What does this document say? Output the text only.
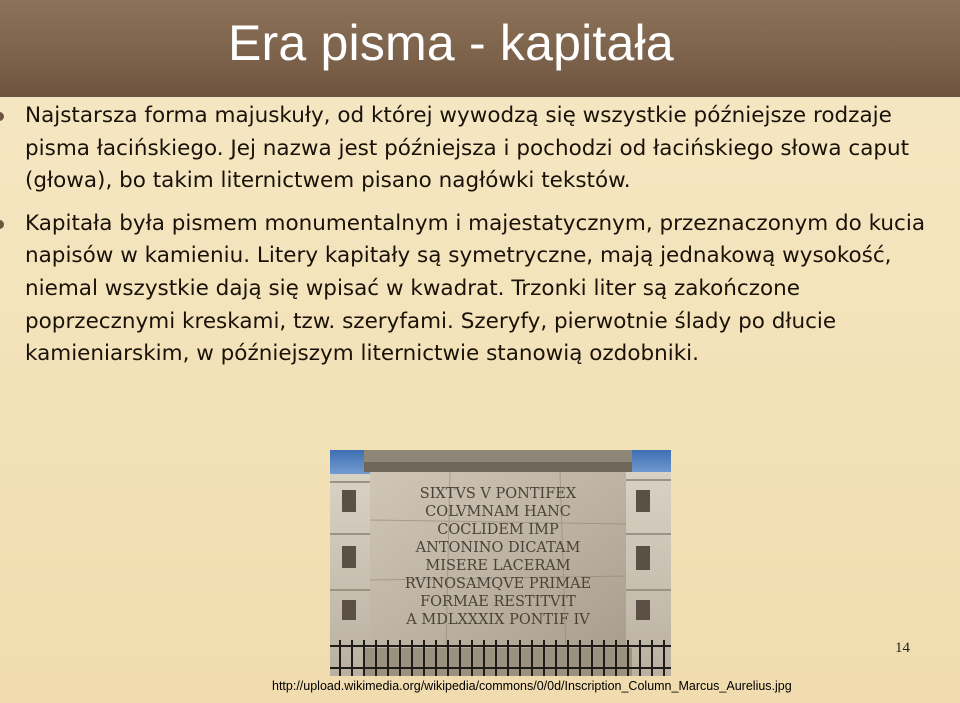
Era pisma - kapitała
Najstarsza forma majuskuły, od której wywodzą się wszystkie późniejsze rodzaje pisma łacińskiego. Jej nazwa jest późniejsza i pochodzi od łacińskiego słowa caput (głowa), bo takim liternictwem pisano nagłówki tekstów.
Kapitała była pismem monumentalnym i majestatycznym, przeznaczonym do kucia napisów w kamieniu. Litery kapitały są symetryczne, mają jednakową wysokość, niemal wszystkie dają się wpisać w kwadrat. Trzonki liter są zakończone poprzecznymi kreskami, tzw. szeryfami. Szeryfy, pierwotnie ślady po dłucie kamieniarskim, w późniejszym liternictwie stanowią ozdobniki.
SIXTVS V PONTIFEX
COLVMNAM HANC
COCLIDEM IMP
ANTONINO DICATAM
MISERE LACERAM
RVINOSAMQVE PRIMAE
FORMAE RESTITVIT
A MDLXXXIX PONTIF IV
14
http://upload.wikimedia.org/wikipedia/commons/0/0d/Inscription_Column_Marcus_Aurelius.jpg
